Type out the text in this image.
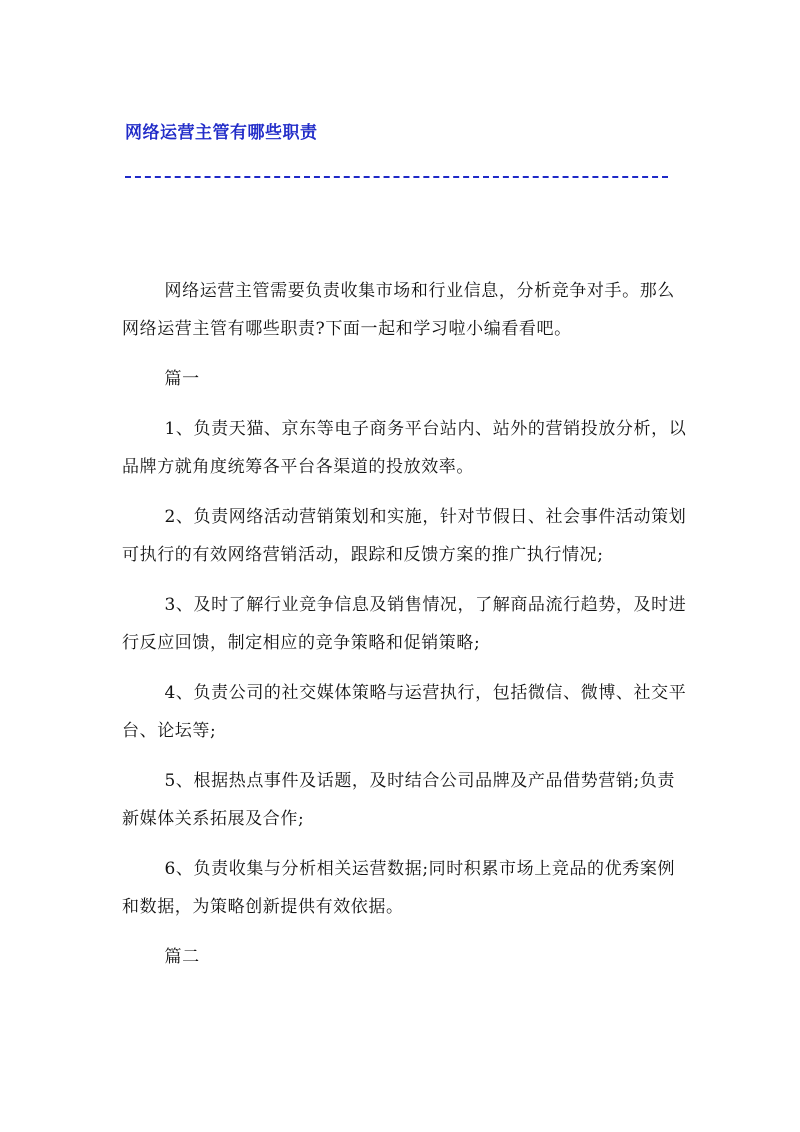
网络运营主管有哪些职责

网络运营主管需要负责收集市场和行业信息，分析竞争对手。那么网络运营主管有哪些职责?下面一起和学习啦小编看看吧。

篇一

1、负责天猫、京东等电子商务平台站内、站外的营销投放分析，以品牌方就角度统筹各平台各渠道的投放效率。

2、负责网络活动营销策划和实施，针对节假日、社会事件活动策划可执行的有效网络营销活动，跟踪和反馈方案的推广执行情况;

3、及时了解行业竞争信息及销售情况，了解商品流行趋势，及时进行反应回馈，制定相应的竞争策略和促销策略;

4、负责公司的社交媒体策略与运营执行，包括微信、微博、社交平台、论坛等;

5、根据热点事件及话题，及时结合公司品牌及产品借势营销;负责新媒体关系拓展及合作;

6、负责收集与分析相关运营数据;同时积累市场上竞品的优秀案例和数据，为策略创新提供有效依据。

篇二
